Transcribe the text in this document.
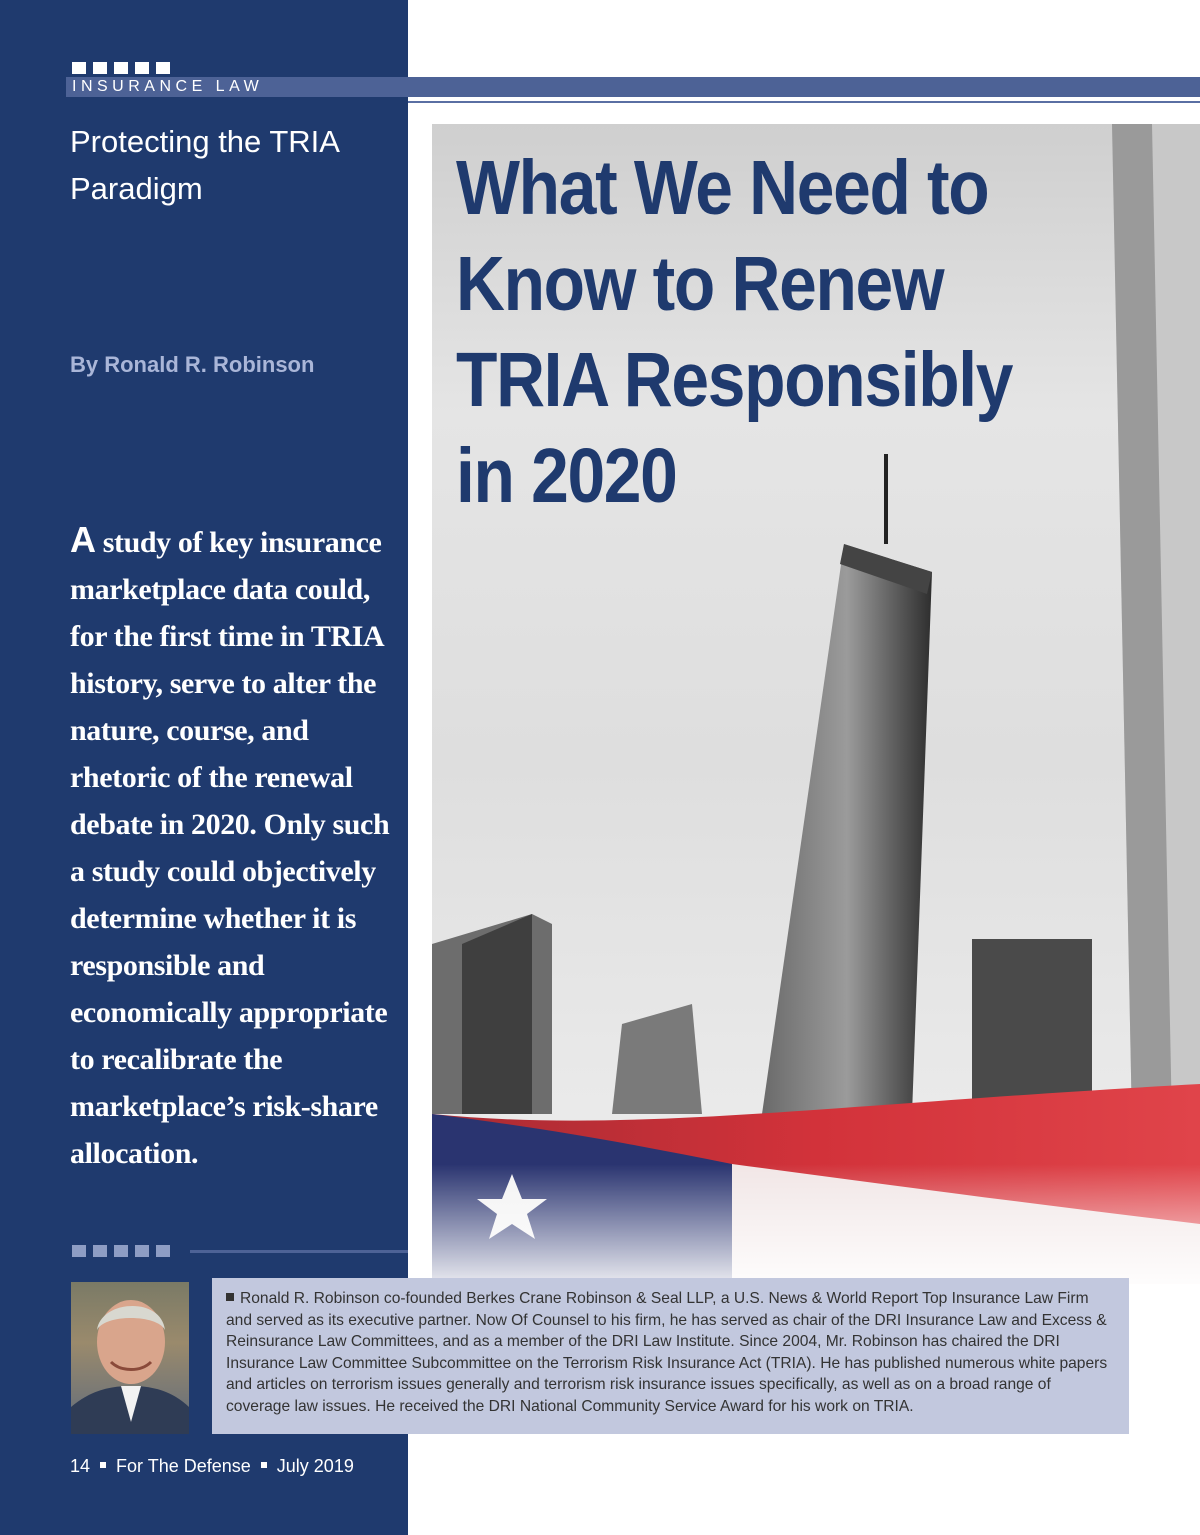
INSURANCE LAW
Protecting the TRIA Paradigm
By Ronald R. Robinson
A study of key insurance marketplace data could, for the first time in TRIA history, serve to alter the nature, course, and rhetoric of the renewal debate in 2020. Only such a study could objectively determine whether it is responsible and economically appropriate to recalibrate the marketplace’s risk-share allocation.
What We Need to Know to Renew TRIA Responsibly in 2020
Ronald R. Robinson co-founded Berkes Crane Robinson & Seal LLP, a U.S. News & World Report Top Insurance Law Firm and served as its executive partner. Now Of Counsel to his firm, he has served as chair of the DRI Insurance Law and Excess & Reinsurance Law Committees, and as a member of the DRI Law Institute. Since 2004, Mr. Robinson has chaired the DRI Insurance Law Committee Subcommittee on the Terrorism Risk Insurance Act (TRIA). He has published numerous white papers and articles on terrorism issues generally and terrorism risk insurance issues specifically, as well as on a broad range of coverage law issues. He received the DRI National Community Service Award for his work on TRIA.
14 For The Defense July 2019
